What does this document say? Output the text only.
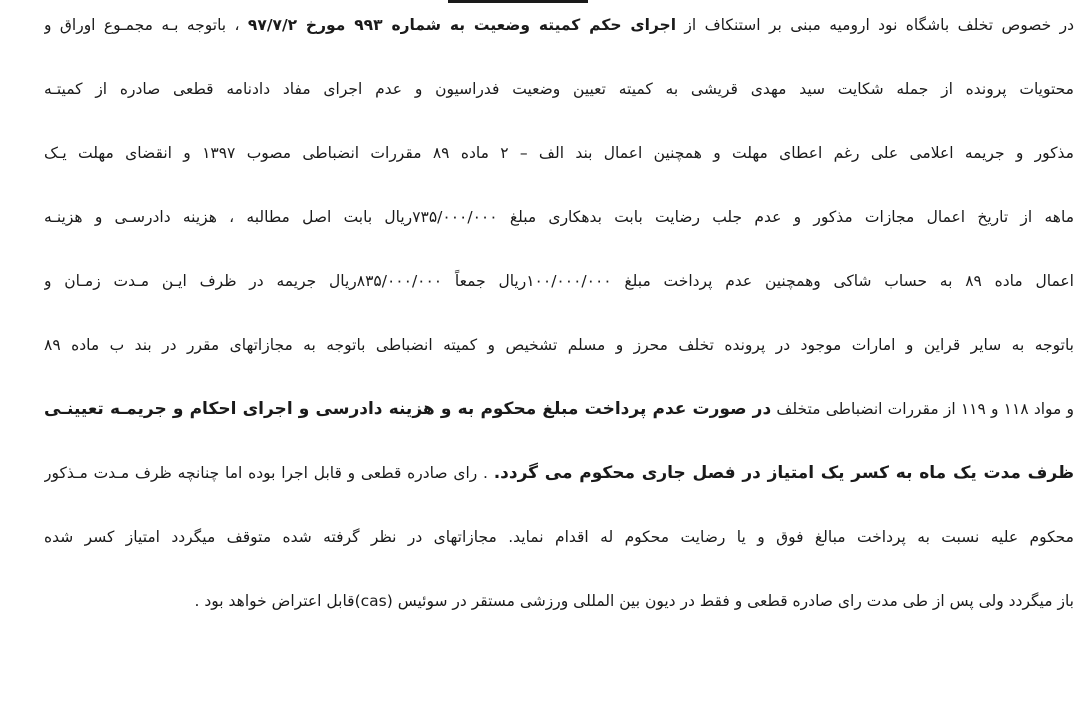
در خصوص تخلف باشگاه نود ارومیه مبنی بر استنکاف از اجرای حکم کمیته وضعیت به شماره ۹۹۳ مورخ ۹۷/۷/۲ ، باتوجه بـه مجمـوع اوراق و
محتویات پرونده از جمله شکایت سید مهدی قریشی به کمیته تعیین وضعیت فدراسیون و عدم اجرای مفاد دادنامه قطعی صادره از کمیتـه
مذکور و جریمه اعلامی علی رغم اعطای مهلت و همچنین اعمال بند الف – ۲ ماده ۸۹ مقررات انضباطی مصوب ۱۳۹۷ و انقضای مهلت یـک
ماهه از تاریخ اعمال مجازات مذکور و عدم جلب رضایت بابت بدهکاری مبلغ ۷۳۵/۰۰۰/۰۰۰ریال بابت اصل مطالبه ، هزینه دادرسـی و هزینـه
اعمال ماده ۸۹ به حساب شاکی وهمچنین عدم پرداخت مبلغ ۱۰۰/۰۰۰/۰۰۰ریال جمعاً ۸۳۵/۰۰۰/۰۰۰ریال جریمه در ظرف ایـن مـدت زمـان و
باتوجه به سایر قراین و امارات موجود در پرونده تخلف محرز و مسلم تشخیص و کمیته انضباطی باتوجه به مجازاتهای مقرر در بند ب ماده ۸۹
و مواد ۱۱۸ و ۱۱۹ از مقررات انضباطی متخلف در صورت عدم پرداخت مبلغ محکوم به و هزینه دادرسی و اجرای احکام و جریمـه تعیینـی
ظرف مدت یک ماه به کسر یک امتیاز در فصل جاری محکوم می گردد. . رای صادره قطعی و قابل اجرا بوده اما چنانچه ظرف مـدت مـذکور
محکوم علیه نسبت به پرداخت مبالغ فوق و یا رضایت محکوم له اقدام نماید. مجازاتهای در نظر گرفته شده متوقف میگردد امتیاز کسر شده
باز میگردد ولی پس از طی مدت رای صادره قطعی و فقط در دیون بین المللی ورزشی مستقر در سوئیس (cas)قابل اعتراض خواهد بود .
